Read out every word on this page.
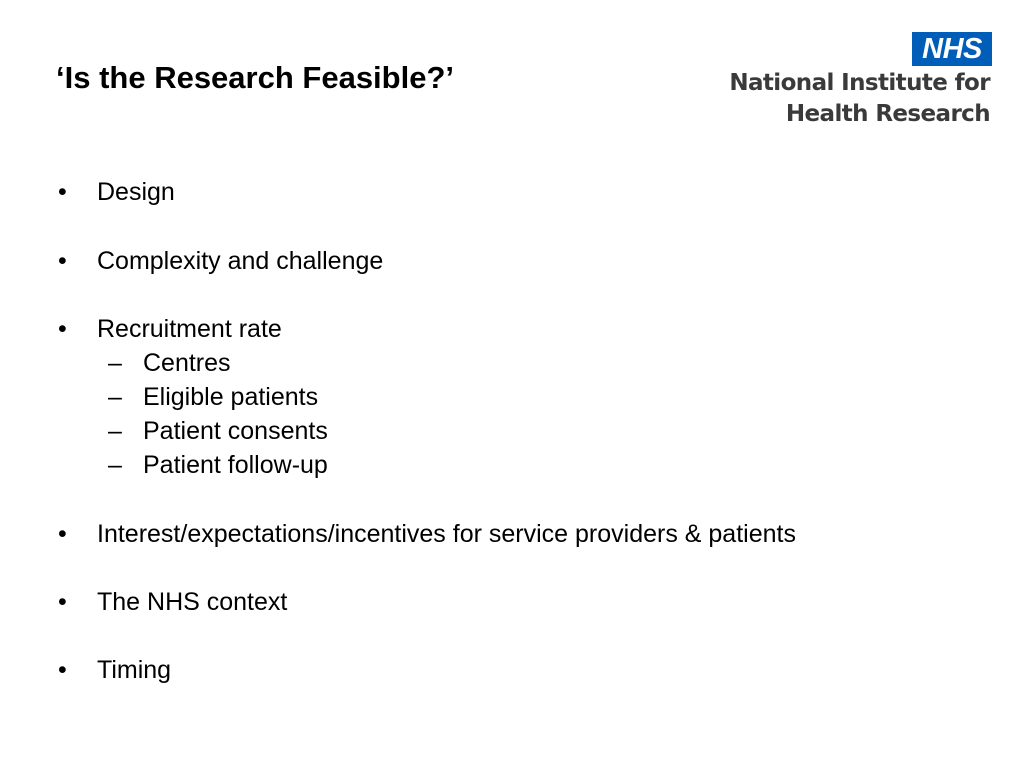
‘Is the Research Feasible?’
NHS
National Institute for
Health Research
• Design
• Complexity and challenge
• Recruitment rate
– Centres
– Eligible patients
– Patient consents
– Patient follow-up
• Interest/expectations/incentives for service providers & patients
• The NHS context
• Timing
